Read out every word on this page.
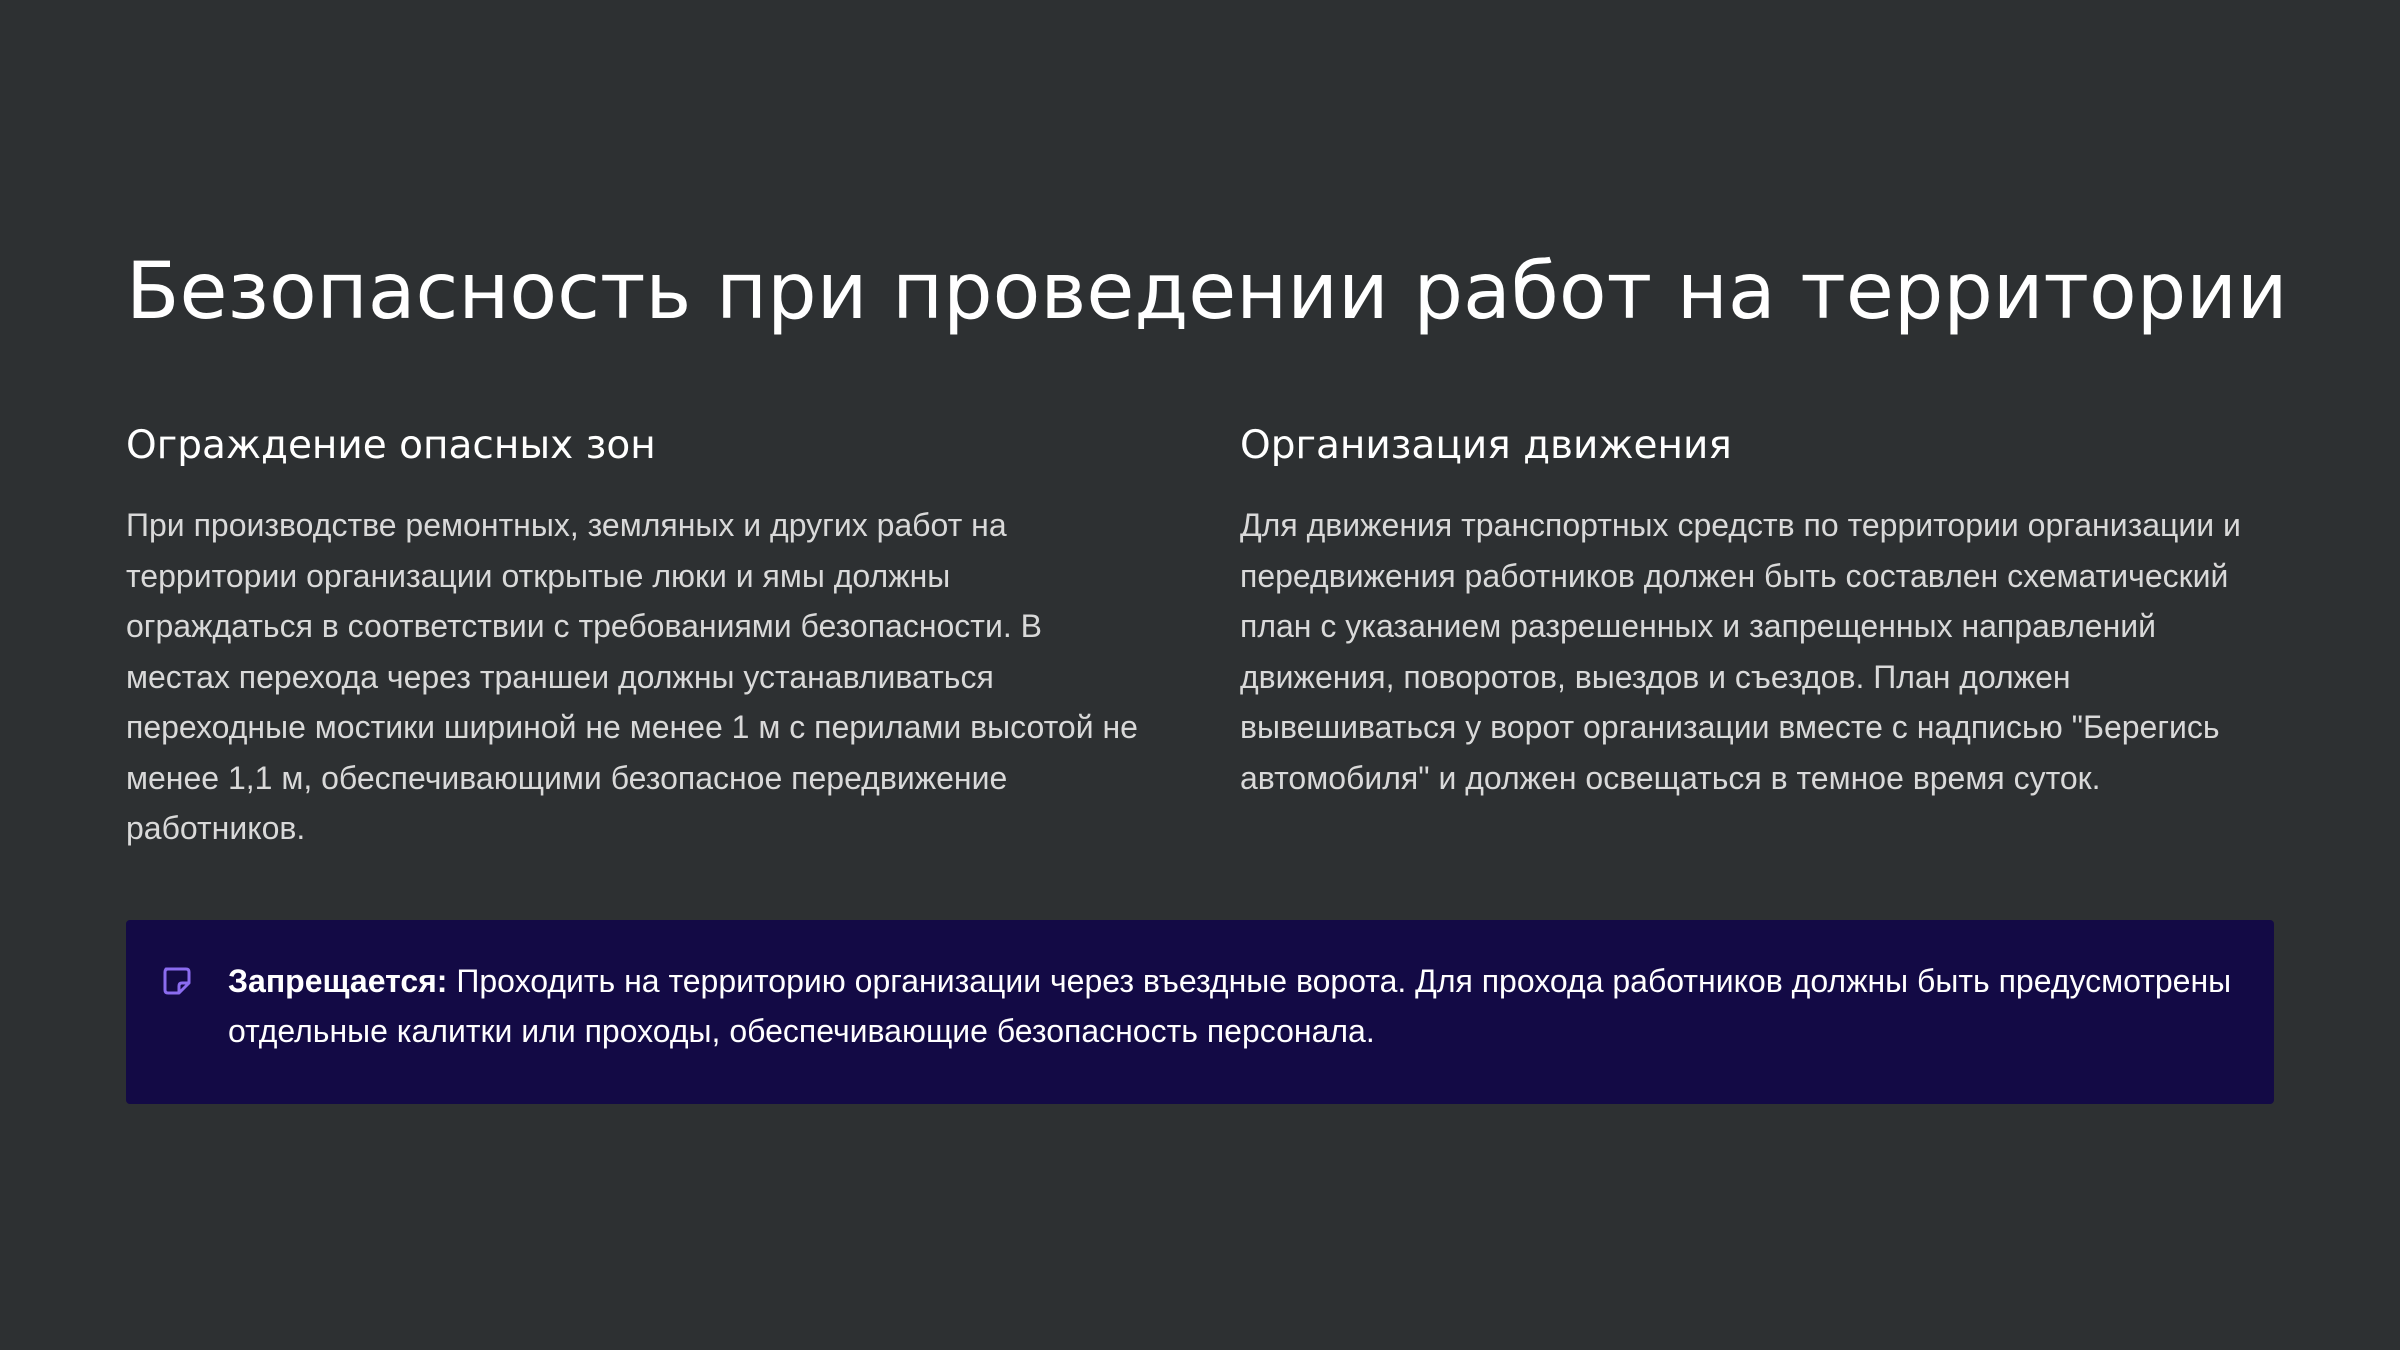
Безопасность при проведении работ на территории
Ограждение опасных зон

При производстве ремонтных, земляных и других работ на территории организации открытые люки и ямы должны ограждаться в соответствии с требованиями безопасности. В местах перехода через траншеи должны устанавливаться переходные мостики шириной не менее 1 м с перилами высотой не менее 1,1 м, обеспечивающими безопасное передвижение работников.

Организация движения

Для движения транспортных средств по территории организации и передвижения работников должен быть составлен схематический план с указанием разрешенных и запрещенных направлений движения, поворотов, выездов и съездов. План должен вывешиваться у ворот организации вместе с надписью "Берегись автомобиля" и должен освещаться в темное время суток.

Запрещается: Проходить на территорию организации через въездные ворота. Для прохода работников должны быть предусмотрены отдельные калитки или проходы, обеспечивающие безопасность персонала.
